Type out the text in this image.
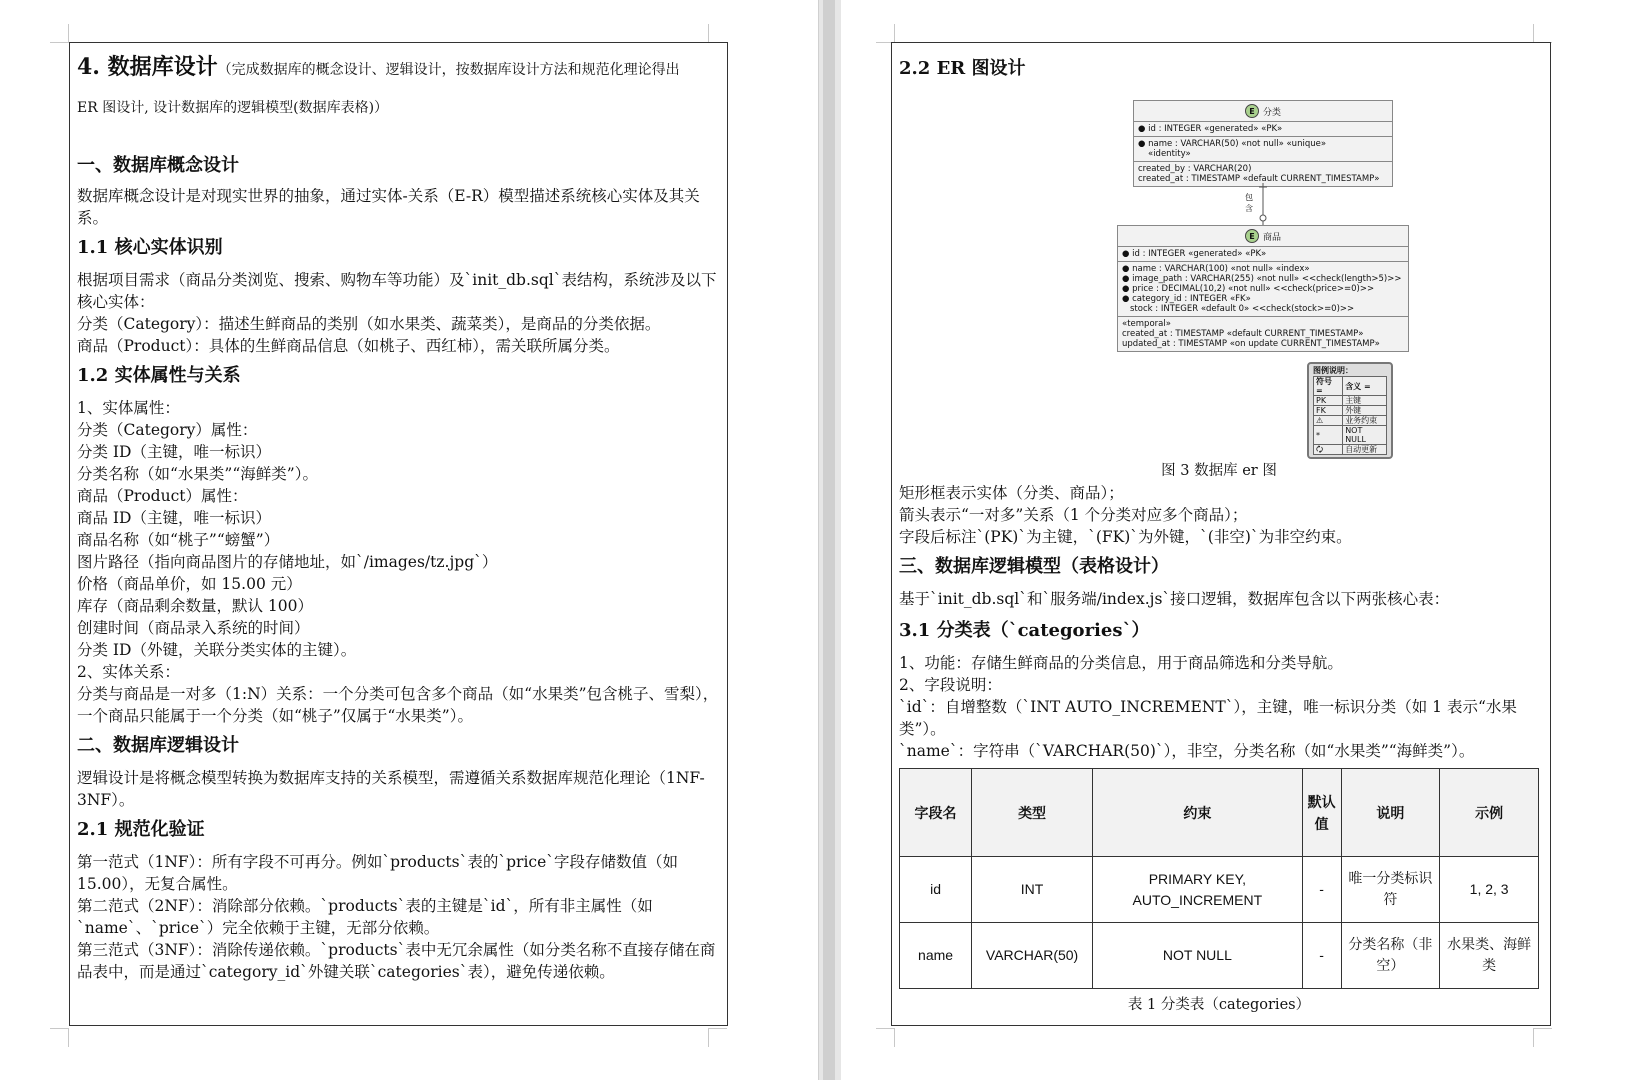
4. 数据库设计（完成数据库的概念设计、逻辑设计，按数据库设计方法和规范化理论得出

ER 图设计, 设计数据库的逻辑模型(数据库表格)）

一、数据库概念设计

数据库概念设计是对现实世界的抽象，通过实体-关系（E-R）模型描述系统核心实体及其关系。

1.1 核心实体识别

根据项目需求（商品分类浏览、搜索、购物车等功能）及`init_db.sql`表结构，系统涉及以下核心实体：

分类（Category）：描述生鲜商品的类别（如水果类、蔬菜类），是商品的分类依据。

商品（Product）：具体的生鲜商品信息（如桃子、西红柿），需关联所属分类。

1.2 实体属性与关系

1、实体属性：

分类（Category）属性：

分类 ID（主键，唯一标识）

分类名称（如“水果类”“海鲜类”）。

商品（Product）属性：

商品 ID（主键，唯一标识）

商品名称（如“桃子”“螃蟹”）

图片路径（指向商品图片的存储地址，如`/images/tz.jpg`）

价格（商品单价，如 15.00 元）

库存（商品剩余数量，默认 100）

创建时间（商品录入系统的时间）

分类 ID（外键，关联分类实体的主键）。

2、实体关系：

分类与商品是一对多（1:N）关系：一个分类可包含多个商品（如“水果类”包含桃子、雪梨），一个商品只能属于一个分类（如“桃子”仅属于“水果类”）。

二、数据库逻辑设计

逻辑设计是将概念模型转换为数据库支持的关系模型，需遵循关系数据库规范化理论（1NF-3NF）。

2.1 规范化验证

第一范式（1NF）：所有字段不可再分。例如`products`表的`price`字段存储数值（如 15.00），无复合属性。

第二范式（2NF）：消除部分依赖。`products`表的主键是`id`，所有非主属性（如`name`、`price`）完全依赖于主键，无部分依赖。

第三范式（3NF）：消除传递依赖。`products`表中无冗余属性（如分类名称不直接存储在商品表中，而是通过`category_id`外键关联`categories`表），避免传递依赖。

2.2 ER 图设计

E 分类
● id : INTEGER «generated» «PK»
● name : VARCHAR(50) «not null» «unique»
«identity»
created_by : VARCHAR(20)
created_at : TIMESTAMP «default CURRENT_TIMESTAMP»
包含
E 商品
● id : INTEGER «generated» «PK»
● name : VARCHAR(100) «not null» «index»
● image_path : VARCHAR(255) «not null» <<check(length>5)>>
● price : DECIMAL(10,2) «not null» <<check(price>=0)>>
● category_id : INTEGER «FK»
stock : INTEGER «default 0» <<check(stock>=0)>>
«temporal»
created_at : TIMESTAMP «default CURRENT_TIMESTAMP»
updated_at : TIMESTAMP «on update CURRENT_TIMESTAMP»
图例说明：
符号 =	含义 =
PK	主键
FK	外键
⚠	业务约束
*	NOT NULL
🗘	自动更新

图 3 数据库 er 图

矩形框表示实体（分类、商品）；

箭头表示“一对多”关系（1 个分类对应多个商品）；

字段后标注`(PK)`为主键，`(FK)`为外键，`(非空)`为非空约束。

三、数据库逻辑模型（表格设计）

基于`init_db.sql`和`服务端/index.js`接口逻辑，数据库包含以下两张核心表：

3.1 分类表（`categories`）

1、功能：存储生鲜商品的分类信息，用于商品筛选和分类导航。

2、字段说明：

`id`：自增整数（`INT AUTO_INCREMENT`），主键，唯一标识分类（如 1 表示“水果类”）。

`name`：字符串（`VARCHAR(50)`），非空，分类名称（如“水果类”“海鲜类”）。

字段名	类型	约束	默认值	说明	示例
id	INT	PRIMARY KEY, AUTO_INCREMENT	-	唯一分类标识符	1, 2, 3
name	VARCHAR(50)	NOT NULL	-	分类名称（非空）	水果类、海鲜类

表 1 分类表（categories）
